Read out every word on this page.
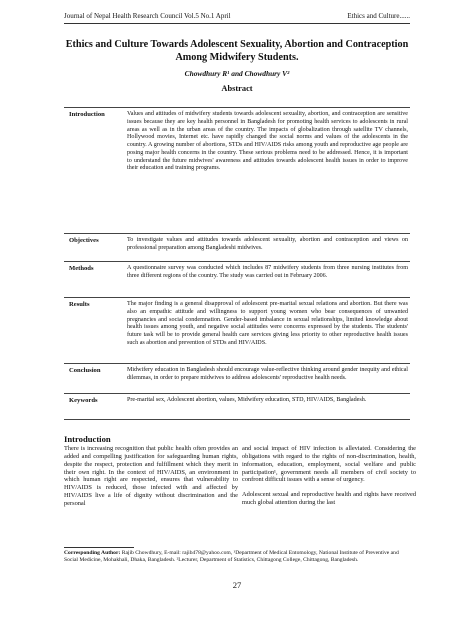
Journal of Nepal Health Research Council Vol.5 No.1 April	Ethics and Culture......
Ethics and Culture Towards Adolescent Sexuality, Abortion and Contraception Among Midwifery Students.
Chowdhury R¹ and Chowdhury V²
Abstract
Introduction	Values and attitudes of midwifery students towards adolescent sexuality, abortion, and contraception are sensitive issues because they are key health personnel in Bangladesh for promoting health services to adolescents in rural areas as well as in the urban areas of the country. The impacts of globalization through satellite TV channels, Hollywood movies, Internet etc. have rapidly changed the social norms and values of the adolescents in the country. A growing number of abortions, STDs and HIV/AIDS risks among youth and reproductive age people are posing major health concerns in the country. These serious problems need to be addressed. Hence, it is important to understand the future midwives' awareness and attitudes towards adolescent health issues in order to improve their education and training programs.
Objectives	To investigate values and attitudes towards adolescent sexuality, abortion and contraception and views on professional preparation among Bangladeshi midwives.
Methods	A questionnaire survey was conducted which includes 87 midwifery students from three nursing institutes from three different regions of the country. The study was carried out in February 2006.
Results	The major finding is a general disapproval of adolescent pre-marital sexual relations and abortion. But there was also an empathic attitude and willingness to support young women who bear consequences of unwanted pregnancies and social condemnation. Gender-based imbalance in sexual relationships, limited knowledge about health issues among youth, and negative social attitudes were concerns expressed by the students. The students' future task will be to provide general health care services giving less priority to other reproductive health issues such as abortion and prevention of STDs and HIV/AIDS.
Conclusion	Midwifery education in Bangladesh should encourage value-reflective thinking around gender inequity and ethical dilemmas, in order to prepare midwives to address adolescents' reproductive health needs.
Keywords	Pre-marital sex, Adolescent abortion, values, Midwifery education, STD, HIV/AIDS, Bangladesh.
Introduction

There is increasing recognition that public health often provides an added and compelling justification for safeguarding human rights, despite the respect, protection and fulfillment which they merit in their own right. In the context of HIV/AIDS, an environment in which human right are respected, ensures that vulnerability to HIV/AIDS is reduced, those infected with and affected by HIV/AIDS live a life of dignity without discrimination and the personal

and social impact of HIV infection is alleviated. Considering the obligations with regard to the rights of non-discrimination, health, information, education, employment, social welfare and public participation¹, government needs all members of civil society to confront difficult issues with a sense of urgency.

Adolescent sexual and reproductive health and rights have received much global attention during the last

Corresponding Author: Rajib Chowdhury, E-mail: rajib478@yahoo.com, ¹Department of Medical Entomology, National Institute of Preventive and Social Medicine, Mohakhali, Dhaka, Bangladesh. ²Lecturer, Department of Statistics, Chittagong College, Chittagong, Bangladesh.
27
